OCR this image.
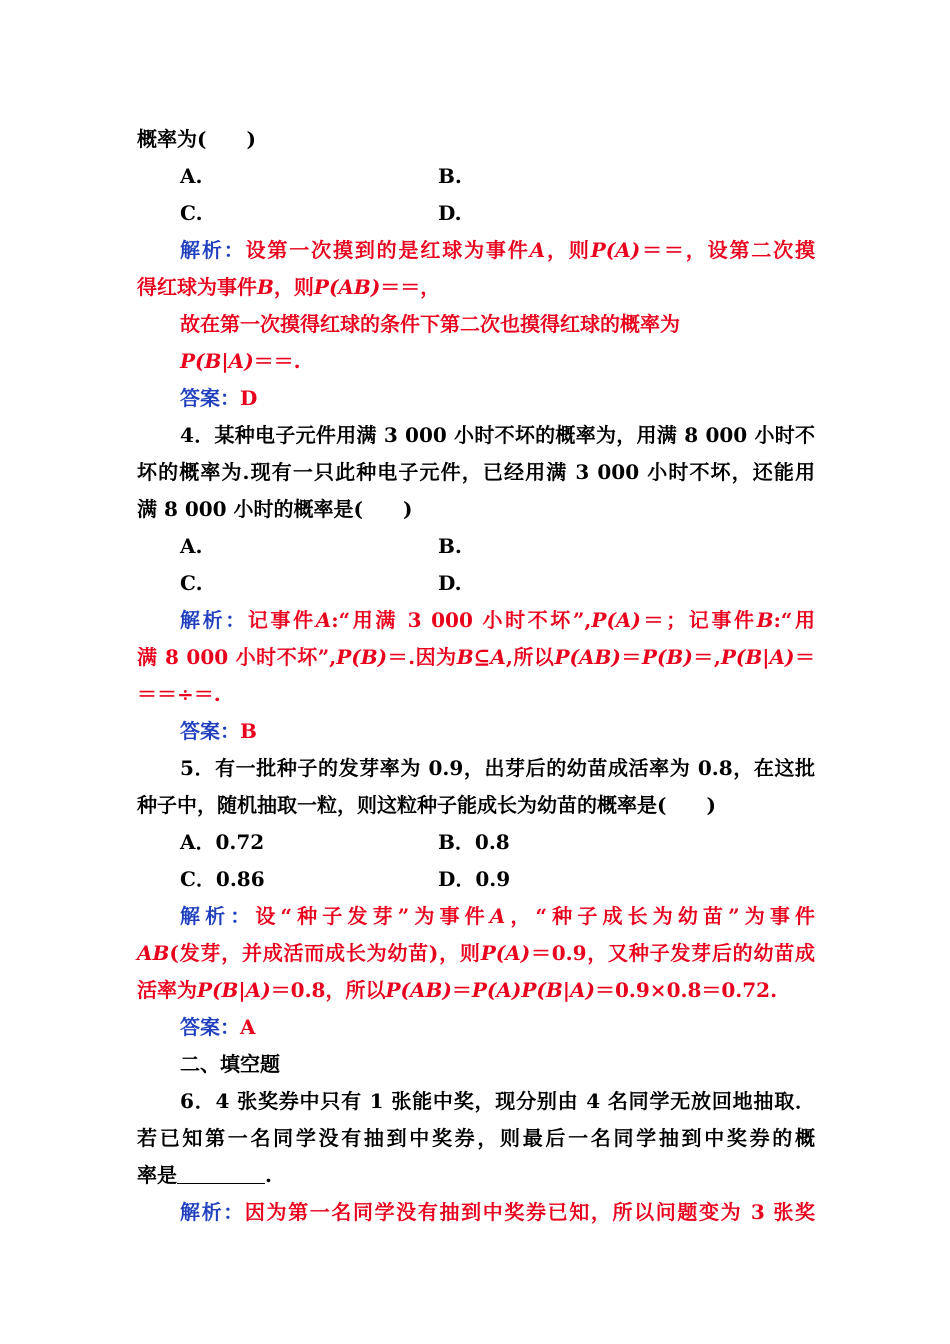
概率为(　　)
A.	B.
C.	D.
解析：设第一次摸到的是红球为事件A，则P(A)＝＝，设第二次摸
得红球为事件B，则P(AB)＝＝，
故在第一次摸得红球的条件下第二次也摸得红球的概率为
P(B|A)＝＝.
答案：D
4．某种电子元件用满 3 000 小时不坏的概率为，用满 8 000 小时不
坏的概率为.现有一只此种电子元件，已经用满 3 000 小时不坏，还能用
满 8 000 小时的概率是(　　)
A.	B.
C.	D.
解析：记事件A:“用满 3 000 小时不坏”,P(A)＝；记事件B:“用
满 8 000 小时不坏”,P(B)＝.因为B⊆A,所以P(AB)＝P(B)＝,P(B|A)＝
＝＝÷＝.
答案：B
5．有一批种子的发芽率为 0.9，出芽后的幼苗成活率为 0.8，在这批
种子中，随机抽取一粒，则这粒种子能成长为幼苗的概率是(　　)
A．0.72	B．0.8
C．0.86	D．0.9
解析：设“种子发芽”为事件A，“种子成长为幼苗”为事件
AB(发芽，并成活而成长为幼苗)，则P(A)＝0.9，又种子发芽后的幼苗成
活率为P(B|A)＝0.8，所以P(AB)＝P(A)P(B|A)＝0.9×0.8＝0.72.
答案：A
二、填空题
6．4 张奖券中只有 1 张能中奖，现分别由 4 名同学无放回地抽取．
若已知第一名同学没有抽到中奖券，则最后一名同学抽到中奖券的概
率是	.
解析：因为第一名同学没有抽到中奖券已知，所以问题变为 3 张奖
